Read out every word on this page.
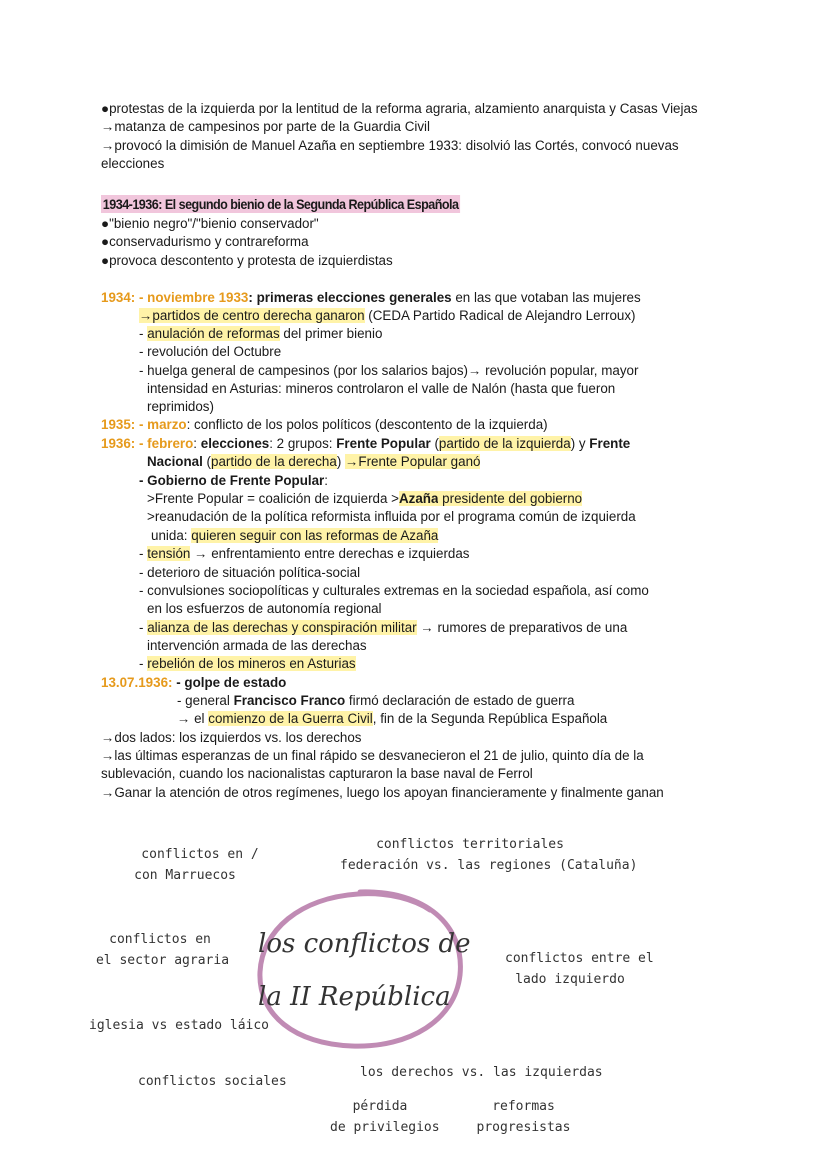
●protestas de la izquierda por la lentitud de la reforma agraria, alzamiento anarquista y Casas Viejas
→matanza de campesinos por parte de la Guardia Civil
→provocó la dimisión de Manuel Azaña en septiembre 1933: disolvió las Cortés, convocó nuevas
elecciones
1934-1936: El segundo bienio de la Segunda República Española
●"bienio negro"/"bienio conservador"
●conservadurismo y contrareforma
●provoca descontento y protesta de izquierdistas
1934: - noviembre 1933: primeras elecciones generales en las que votaban las mujeres
→partidos de centro derecha ganaron (CEDA Partido Radical de Alejandro Lerroux)
- anulación de reformas del primer bienio
- revolución del Octubre
- huelga general de campesinos (por los salarios bajos)→ revolución popular, mayor
intensidad en Asturias: mineros controlaron el valle de Nalón (hasta que fueron
reprimidos)
1935: - marzo: conflicto de los polos políticos (descontento de la izquierda)
1936: - febrero: elecciones: 2 grupos: Frente Popular (partido de la izquierda) y Frente
Nacional (partido de la derecha) →Frente Popular ganó
- Gobierno de Frente Popular:
>Frente Popular = coalición de izquierda >Azaña presidente del gobierno
>reanudación de la política reformista influida por el programa común de izquierda
unida: quieren seguir con las reformas de Azaña
- tensión → enfrentamiento entre derechas e izquierdas
- deterioro de situación política-social
- convulsiones sociopolíticas y culturales extremas en la sociedad española, así como
en los esfuerzos de autonomía regional
- alianza de las derechas y conspiración militar → rumores de preparativos de una
intervención armada de las derechas
- rebelión de los mineros en Asturias
13.07.1936: - golpe de estado
- general Francisco Franco firmó declaración de estado de guerra
→ el comienzo de la Guerra Civil, fin de la Segunda República Española
→dos lados: los izquierdos vs. los derechos
→las últimas esperanzas de un final rápido se desvanecieron el 21 de julio, quinto día de la
sublevación, cuando los nacionalistas capturaron la base naval de Ferrol
→Ganar la atención de otros regímenes, luego los apoyan financieramente y finalmente ganan
los conflictos de
la II República
conflictos en /
con Marruecos
conflictos territoriales
federación vs. las regiones (Cataluña)
conflictos en
el sector agraria	conflictos entre el
lado izquierdo
iglesia vs estado láico
conflictos sociales
los derechos vs. las izquierdas
pérdida
de privilegios
reformas
progresistas
